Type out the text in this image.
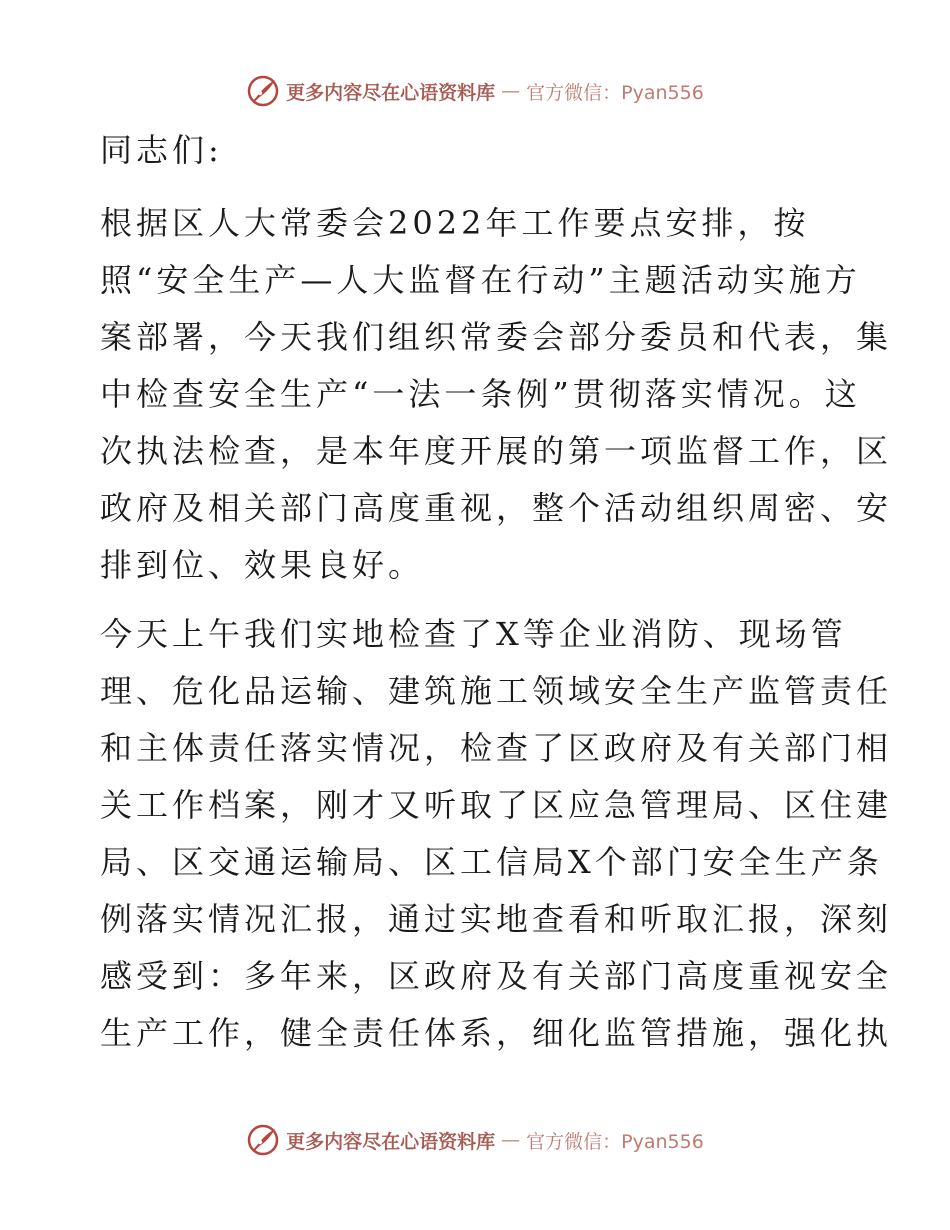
更多内容尽在心语资料库 — 官方微信：Pyan556

同志们:

根据区人大常委会2022年工作要点安排，按
照“安全生产—人大监督在行动”主题活动实施方
案部署，今天我们组织常委会部分委员和代表，集
中检查安全生产“一法一条例”贯彻落实情况。这
次执法检查，是本年度开展的第一项监督工作，区
政府及相关部门高度重视，整个活动组织周密、安
排到位、效果良好。

今天上午我们实地检查了X等企业消防、现场管
理、危化品运输、建筑施工领域安全生产监管责任
和主体责任落实情况，检查了区政府及有关部门相
关工作档案，刚才又听取了区应急管理局、区住建
局、区交通运输局、区工信局X个部门安全生产条
例落实情况汇报，通过实地查看和听取汇报，深刻
感受到：多年来，区政府及有关部门高度重视安全
生产工作，健全责任体系，细化监管措施，强化执

更多内容尽在心语资料库 — 官方微信：Pyan556
